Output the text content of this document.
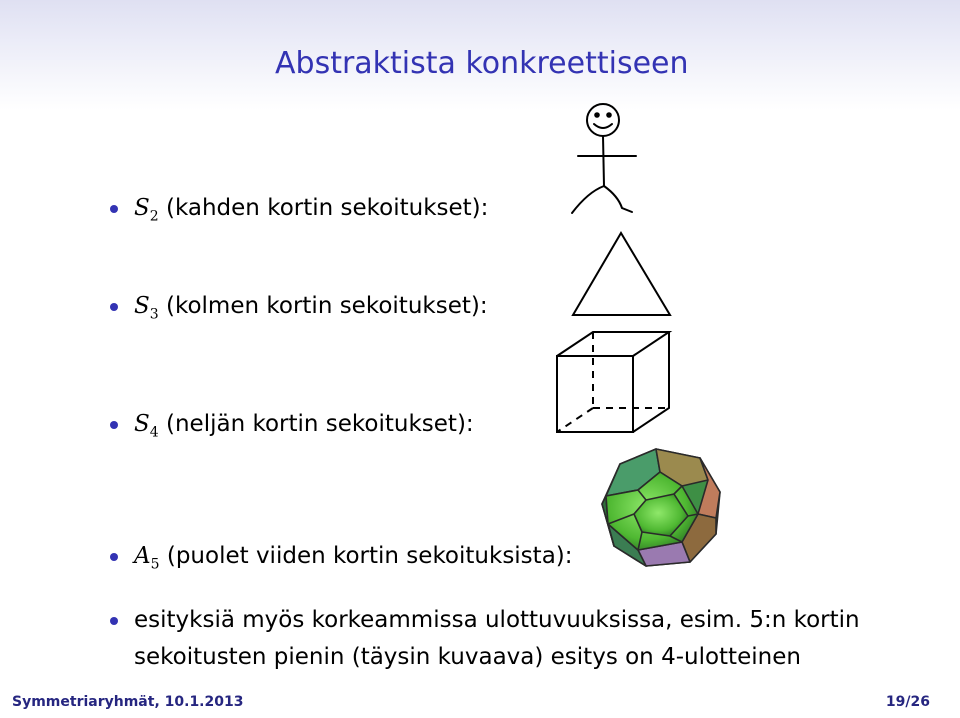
Abstraktista konkreettiseen
$S_2$ (kahden kortin sekoitukset):
$S_3$ (kolmen kortin sekoitukset):
$S_4$ (neljän kortin sekoitukset):
$A_5$ (puolet viiden kortin sekoituksista):
esityksiä myös korkeammissa ulottuvuuksissa, esim. 5:n kortin sekoitusten pienin (täysin kuvaava) esitys on 4-ulotteinen
Symmetriaryhmät, 10.1.2013	19/26
